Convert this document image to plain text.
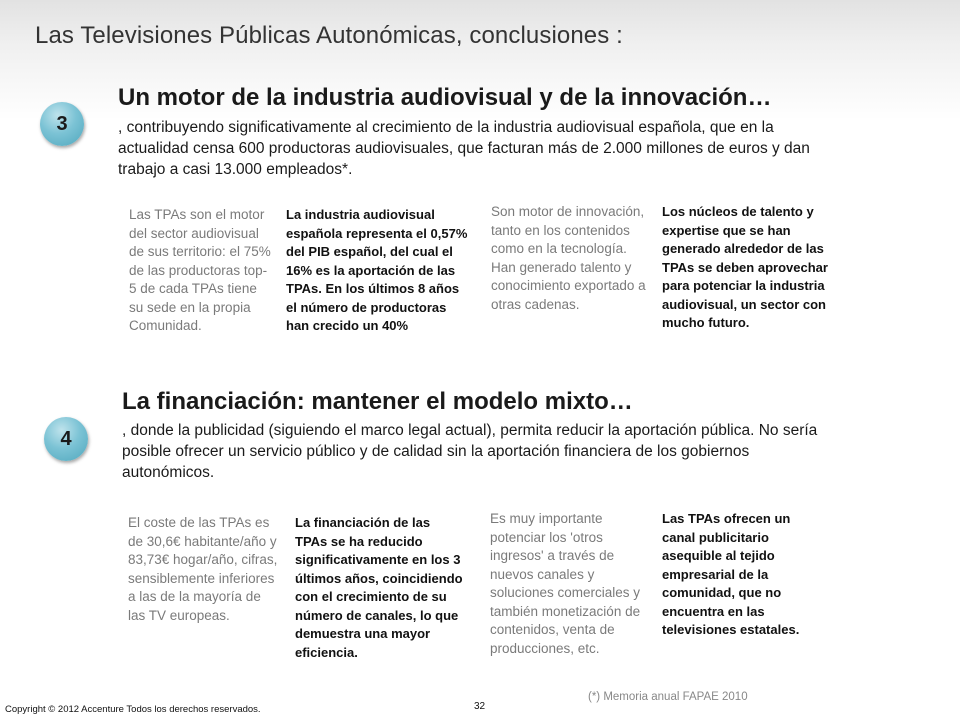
Las Televisiones Públicas Autonómicas, conclusiones :
3
Un motor de la industria audiovisual y de la innovación…
, contribuyendo significativamente al crecimiento de la industria audiovisual española, que en la actualidad censa 600 productoras audiovisuales, que facturan más de 2.000 millones de euros y dan trabajo a casi 13.000 empleados*.
Las TPAs son el motor del sector audiovisual de sus territorio: el 75% de las productoras top-5 de cada TPAs tiene su sede en la propia Comunidad.
La industria audiovisual española representa el 0,57% del PIB español, del cual el 16% es la aportación de las TPAs. En los últimos 8 años el número de productoras han crecido un 40%
Son motor de innovación, tanto en los contenidos como en la tecnología. Han generado talento y conocimiento exportado a otras cadenas.
Los núcleos de talento y expertise que se han generado alrededor de las TPAs se deben aprovechar para potenciar la industria audiovisual, un sector con mucho futuro.
4
La financiación: mantener el modelo mixto…
, donde la publicidad (siguiendo el marco legal actual), permita reducir la aportación pública. No sería posible ofrecer un servicio público y de calidad sin la aportación financiera de los gobiernos autonómicos.
El coste de las TPAs es de 30,6€ habitante/año y 83,73€ hogar/año, cifras, sensiblemente inferiores a las de la mayoría de las TV europeas.
La financiación de las TPAs se ha reducido significativamente en los 3 últimos años, coincidiendo con el crecimiento de su número de canales, lo que demuestra una mayor eficiencia.
Es muy importante potenciar los 'otros ingresos' a través de nuevos canales y soluciones comerciales y también monetización de contenidos, venta de producciones, etc.
Las TPAs ofrecen un canal publicitario asequible al tejido empresarial de la comunidad, que no encuentra en las televisiones estatales.
(*) Memoria anual FAPAE 2010
Copyright © 2012 Accenture Todos los derechos reservados.	32
